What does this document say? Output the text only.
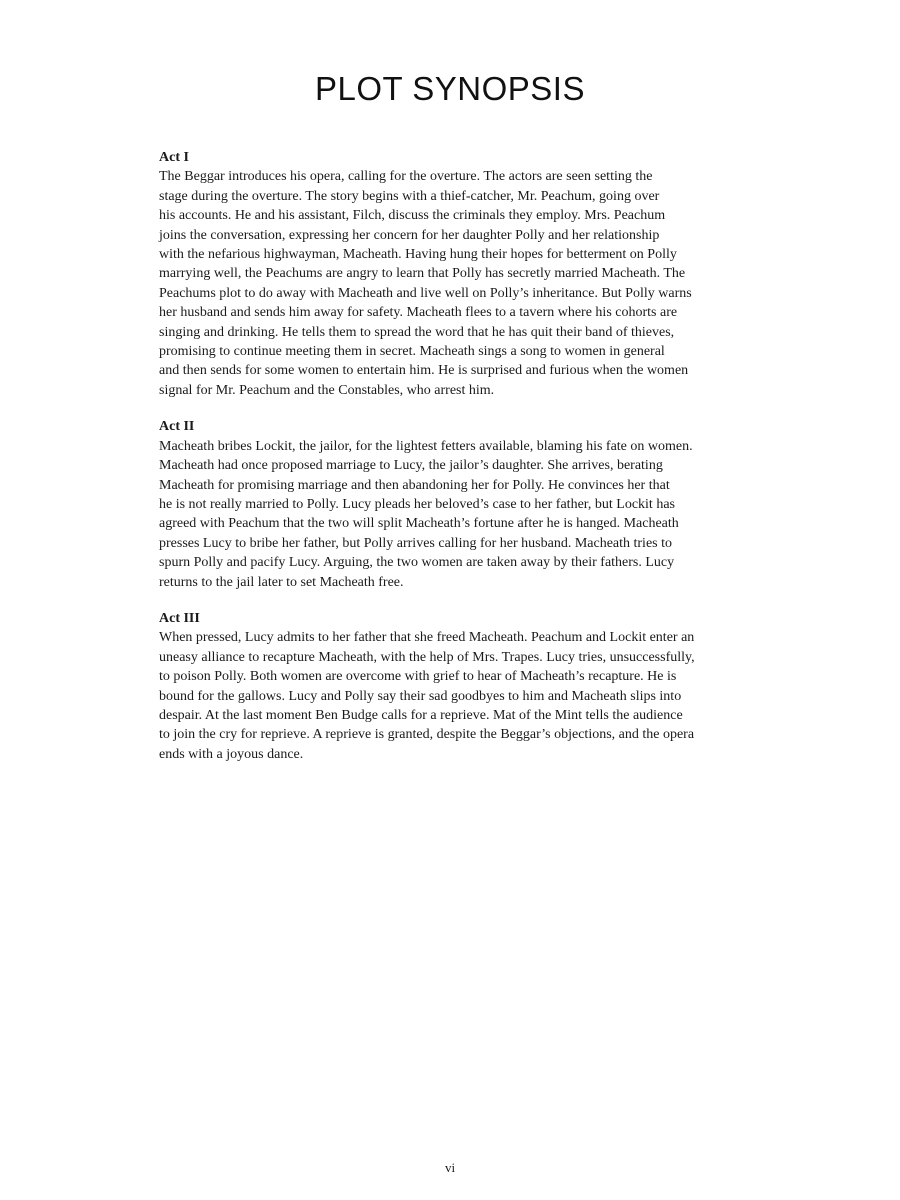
PLOT SYNOPSIS

Act I

The Beggar introduces his opera, calling for the overture. The actors are seen setting the
stage during the overture. The story begins with a thief-catcher, Mr. Peachum, going over
his accounts. He and his assistant, Filch, discuss the criminals they employ. Mrs. Peachum
joins the conversation, expressing her concern for her daughter Polly and her relationship
with the nefarious highwayman, Macheath. Having hung their hopes for betterment on Polly
marrying well, the Peachums are angry to learn that Polly has secretly married Macheath. The
Peachums plot to do away with Macheath and live well on Polly’s inheritance. But Polly warns
her husband and sends him away for safety. Macheath flees to a tavern where his cohorts are
singing and drinking. He tells them to spread the word that he has quit their band of thieves,
promising to continue meeting them in secret. Macheath sings a song to women in general
and then sends for some women to entertain him. He is surprised and furious when the women
signal for Mr. Peachum and the Constables, who arrest him.

Act II

Macheath bribes Lockit, the jailor, for the lightest fetters available, blaming his fate on women.
Macheath had once proposed marriage to Lucy, the jailor’s daughter. She arrives, berating
Macheath for promising marriage and then abandoning her for Polly. He convinces her that
he is not really married to Polly. Lucy pleads her beloved’s case to her father, but Lockit has
agreed with Peachum that the two will split Macheath’s fortune after he is hanged. Macheath
presses Lucy to bribe her father, but Polly arrives calling for her husband. Macheath tries to
spurn Polly and pacify Lucy. Arguing, the two women are taken away by their fathers. Lucy
returns to the jail later to set Macheath free.

Act III

When pressed, Lucy admits to her father that she freed Macheath. Peachum and Lockit enter an
uneasy alliance to recapture Macheath, with the help of Mrs. Trapes. Lucy tries, unsuccessfully,
to poison Polly. Both women are overcome with grief to hear of Macheath’s recapture. He is
bound for the gallows. Lucy and Polly say their sad goodbyes to him and Macheath slips into
despair. At the last moment Ben Budge calls for a reprieve. Mat of the Mint tells the audience
to join the cry for reprieve. A reprieve is granted, despite the Beggar’s objections, and the opera
ends with a joyous dance.

vi
